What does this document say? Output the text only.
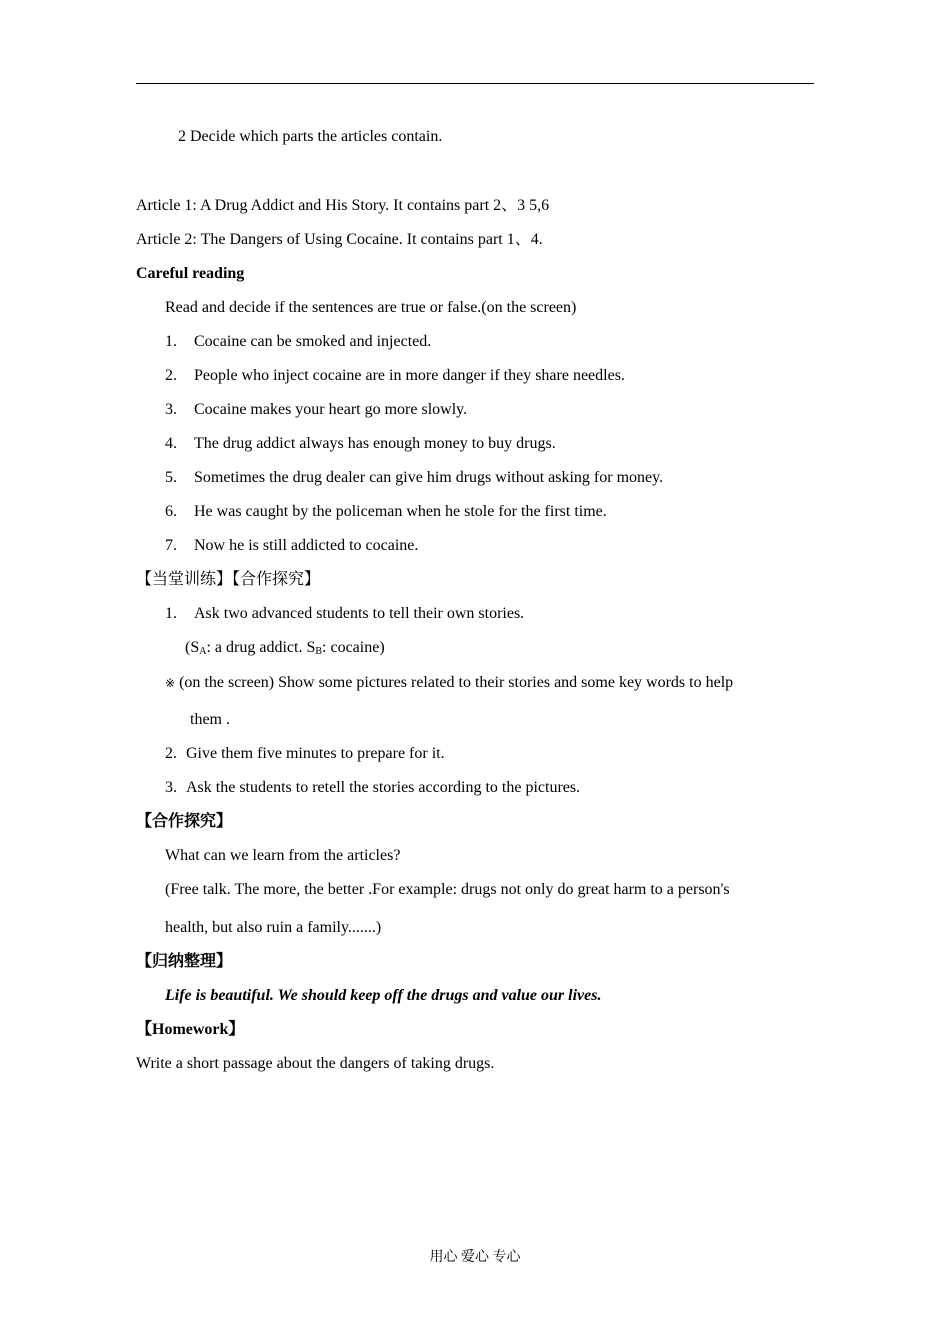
2 Decide which parts the articles contain.
Article 1: A Drug Addict and His Story. It contains part 2、3 5,6
Article 2: The Dangers of Using Cocaine. It contains part 1、4.
Careful reading
Read and decide if the sentences are true or false.(on the screen)
1. Cocaine can be smoked and injected.
2. People who inject cocaine are in more danger if they share needles.
3. Cocaine makes your heart go more slowly.
4. The drug addict always has enough money to buy drugs.
5. Sometimes the drug dealer can give him drugs without asking for money.
6. He was caught by the policeman when he stole for the first time.
7. Now he is still addicted to cocaine.
【当堂训练】【合作探究】
1. Ask two advanced students to tell their own stories.
($S_A$: a drug addict. $S_B$: cocaine)
※ (on the screen) Show some pictures related to their stories and some key words to help
them .
2. Give them five minutes to prepare for it.
3. Ask the students to retell the stories according to the pictures.
【合作探究】
What can we learn from the articles?
(Free talk. The more, the better .For example: drugs not only do great harm to a person's
health, but also ruin a family.......)
【归纳整理】
Life is beautiful. We should keep off the drugs and value our lives.
【Homework】
Write a short passage about the dangers of taking drugs.
用心 爱心 专心
